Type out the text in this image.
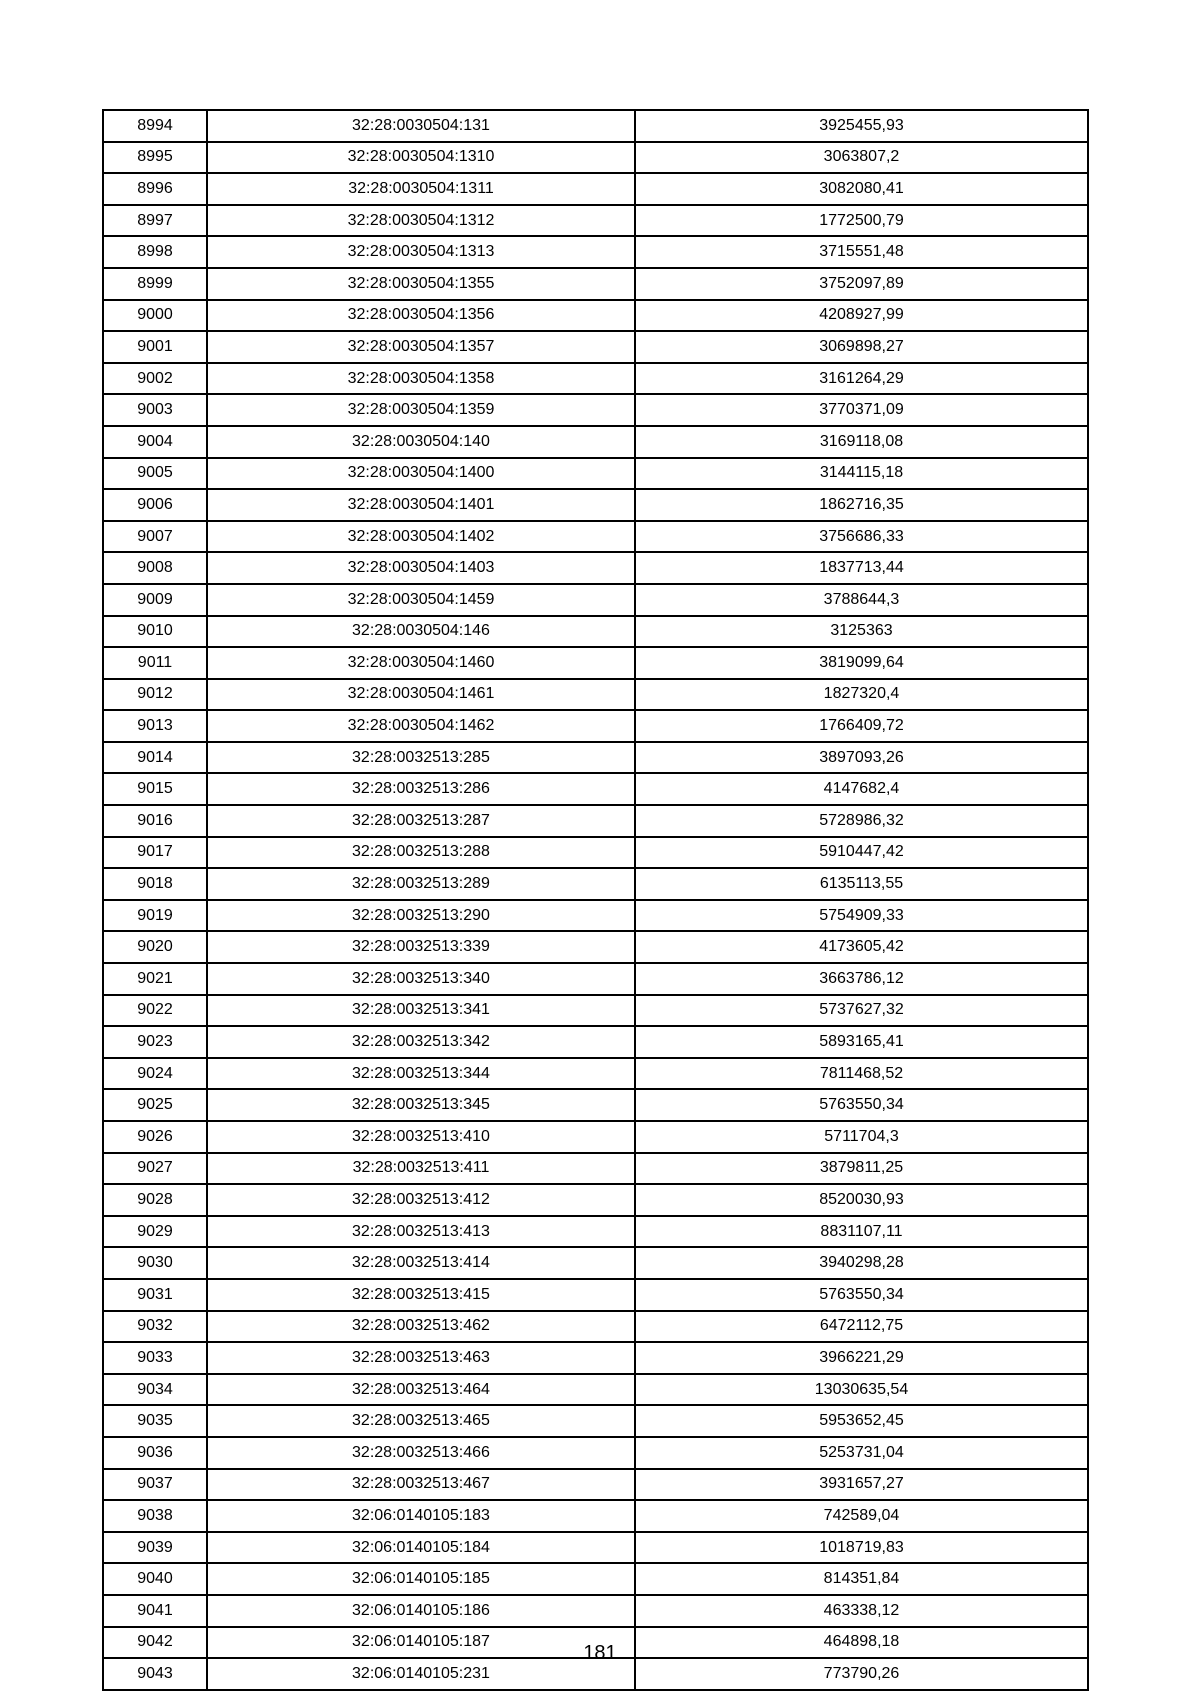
8994	32:28:0030504:131	3925455,93
8995	32:28:0030504:1310	3063807,2
8996	32:28:0030504:1311	3082080,41
8997	32:28:0030504:1312	1772500,79
8998	32:28:0030504:1313	3715551,48
8999	32:28:0030504:1355	3752097,89
9000	32:28:0030504:1356	4208927,99
9001	32:28:0030504:1357	3069898,27
9002	32:28:0030504:1358	3161264,29
9003	32:28:0030504:1359	3770371,09
9004	32:28:0030504:140	3169118,08
9005	32:28:0030504:1400	3144115,18
9006	32:28:0030504:1401	1862716,35
9007	32:28:0030504:1402	3756686,33
9008	32:28:0030504:1403	1837713,44
9009	32:28:0030504:1459	3788644,3
9010	32:28:0030504:146	3125363
9011	32:28:0030504:1460	3819099,64
9012	32:28:0030504:1461	1827320,4
9013	32:28:0030504:1462	1766409,72
9014	32:28:0032513:285	3897093,26
9015	32:28:0032513:286	4147682,4
9016	32:28:0032513:287	5728986,32
9017	32:28:0032513:288	5910447,42
9018	32:28:0032513:289	6135113,55
9019	32:28:0032513:290	5754909,33
9020	32:28:0032513:339	4173605,42
9021	32:28:0032513:340	3663786,12
9022	32:28:0032513:341	5737627,32
9023	32:28:0032513:342	5893165,41
9024	32:28:0032513:344	7811468,52
9025	32:28:0032513:345	5763550,34
9026	32:28:0032513:410	5711704,3
9027	32:28:0032513:411	3879811,25
9028	32:28:0032513:412	8520030,93
9029	32:28:0032513:413	8831107,11
9030	32:28:0032513:414	3940298,28
9031	32:28:0032513:415	5763550,34
9032	32:28:0032513:462	6472112,75
9033	32:28:0032513:463	3966221,29
9034	32:28:0032513:464	13030635,54
9035	32:28:0032513:465	5953652,45
9036	32:28:0032513:466	5253731,04
9037	32:28:0032513:467	3931657,27
9038	32:06:0140105:183	742589,04
9039	32:06:0140105:184	1018719,83
9040	32:06:0140105:185	814351,84
9041	32:06:0140105:186	463338,12
9042	32:06:0140105:187	464898,18
9043	32:06:0140105:231	773790,26
181
